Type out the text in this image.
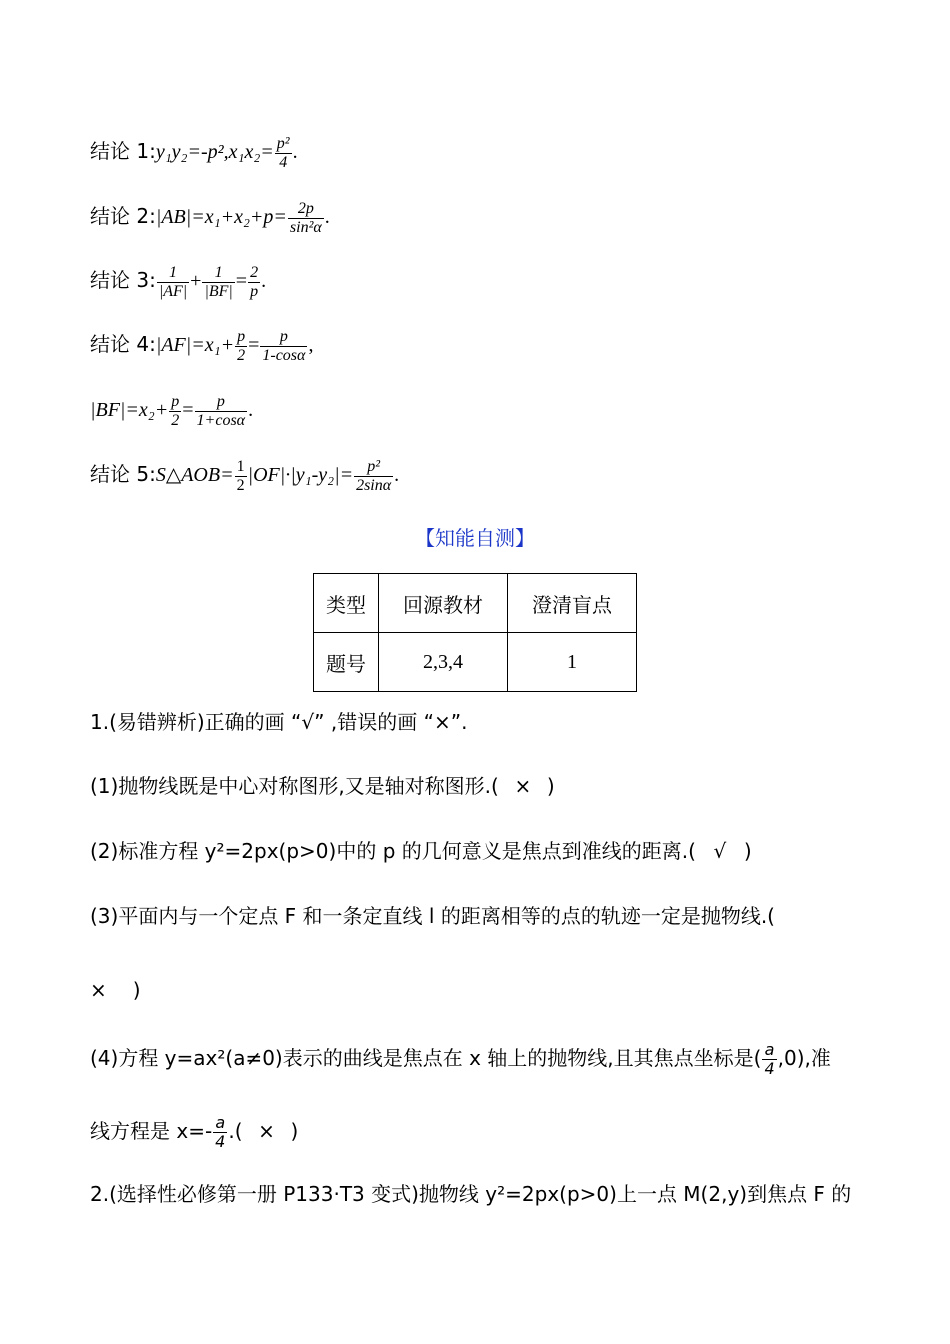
结论 1:y₁y₂=-p²,x₁x₂= $\frac{\text{p²}}{4}$ .
结论 2:|AB|=x₁+x₂+p= $\frac{2p}{\text{sin²α}}$ .
结论 3: $\frac{1}{|AF|} + \frac{1}{|BF|} = \frac{2}{p}$ .
结论 4:|AF|=x₁+ $\frac{p}{2} = \frac{p}{1-\cos\alpha}$ ,
$|BF|=x_2+ \frac{p}{2} = \frac{p}{1+\cos\alpha}$ .
结论 5:S△AOB= $\frac{1}{2} |OF|\cdot|y_1-y_2|= \frac{\text{p²}}{2\sin\alpha}$ .
【知能自测】
类型	回源教材	澄清盲点
题号	2,3,4	1
1.(易错辨析)正确的画 “√” ,错误的画 “×”.
(1)抛物线既是中心对称图形,又是轴对称图形.( × )
(2)标准方程 y²=2px(p>0)中的 p 的几何意义是焦点到准线的距离.( √ )
(3)平面内与一个定点 F 和一条定直线 l 的距离相等的点的轨迹一定是抛物线.(
× )
(4)方程 y=ax²(a≠0)表示的曲线是焦点在 x 轴上的抛物线,且其焦点坐标是( $\frac{a}{4} ,0$),准
线方程是 $x=- \frac{a}{4}$ .( × )
2.(选择性必修第一册 P133·T3 变式)抛物线 y²=2px(p>0)上一点 M(2,y)到焦点 F 的
